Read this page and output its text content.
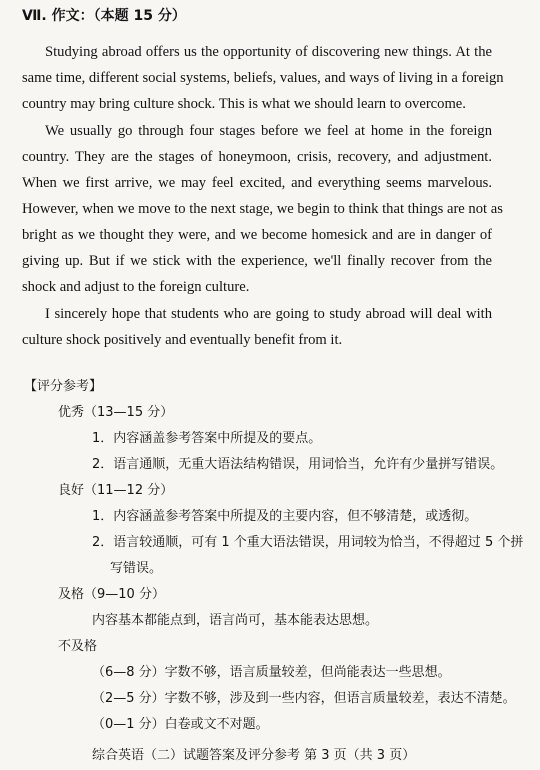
Ⅶ. 作文：（本题 15 分）
Studying abroad offers us the opportunity of discovering new things. At the
same time, different social systems, beliefs, values, and ways of living in a foreign
country may bring culture shock. This is what we should learn to overcome.
We usually go through four stages before we feel at home in the foreign
country. They are the stages of honeymoon, crisis, recovery, and adjustment.
When we first arrive, we may feel excited, and everything seems marvelous.
However, when we move to the next stage, we begin to think that things are not as
bright as we thought they were, and we become homesick and are in danger of
giving up. But if we stick with the experience, we'll finally recover from the
shock and adjust to the foreign culture.
I sincerely hope that students who are going to study abroad will deal with
culture shock positively and eventually benefit from it.
【评分参考】
优秀（13—15 分）
1．内容涵盖参考答案中所提及的要点。
2．语言通顺，无重大语法结构错误，用词恰当，允许有少量拼写错误。
良好（11—12 分）
1．内容涵盖参考答案中所提及的主要内容，但不够清楚，或透彻。
2．语言较通顺，可有 1 个重大语法错误，用词较为恰当，不得超过 5 个拼
写错误。
及格（9—10 分）
内容基本都能点到，语言尚可，基本能表达思想。
不及格
（6—8 分）字数不够，语言质量较差，但尚能表达一些思想。
（2—5 分）字数不够，涉及到一些内容，但语言质量较差，表达不清楚。
（0—1 分）白卷或文不对题。
综合英语（二）试题答案及评分参考 第 3 页（共 3 页）
